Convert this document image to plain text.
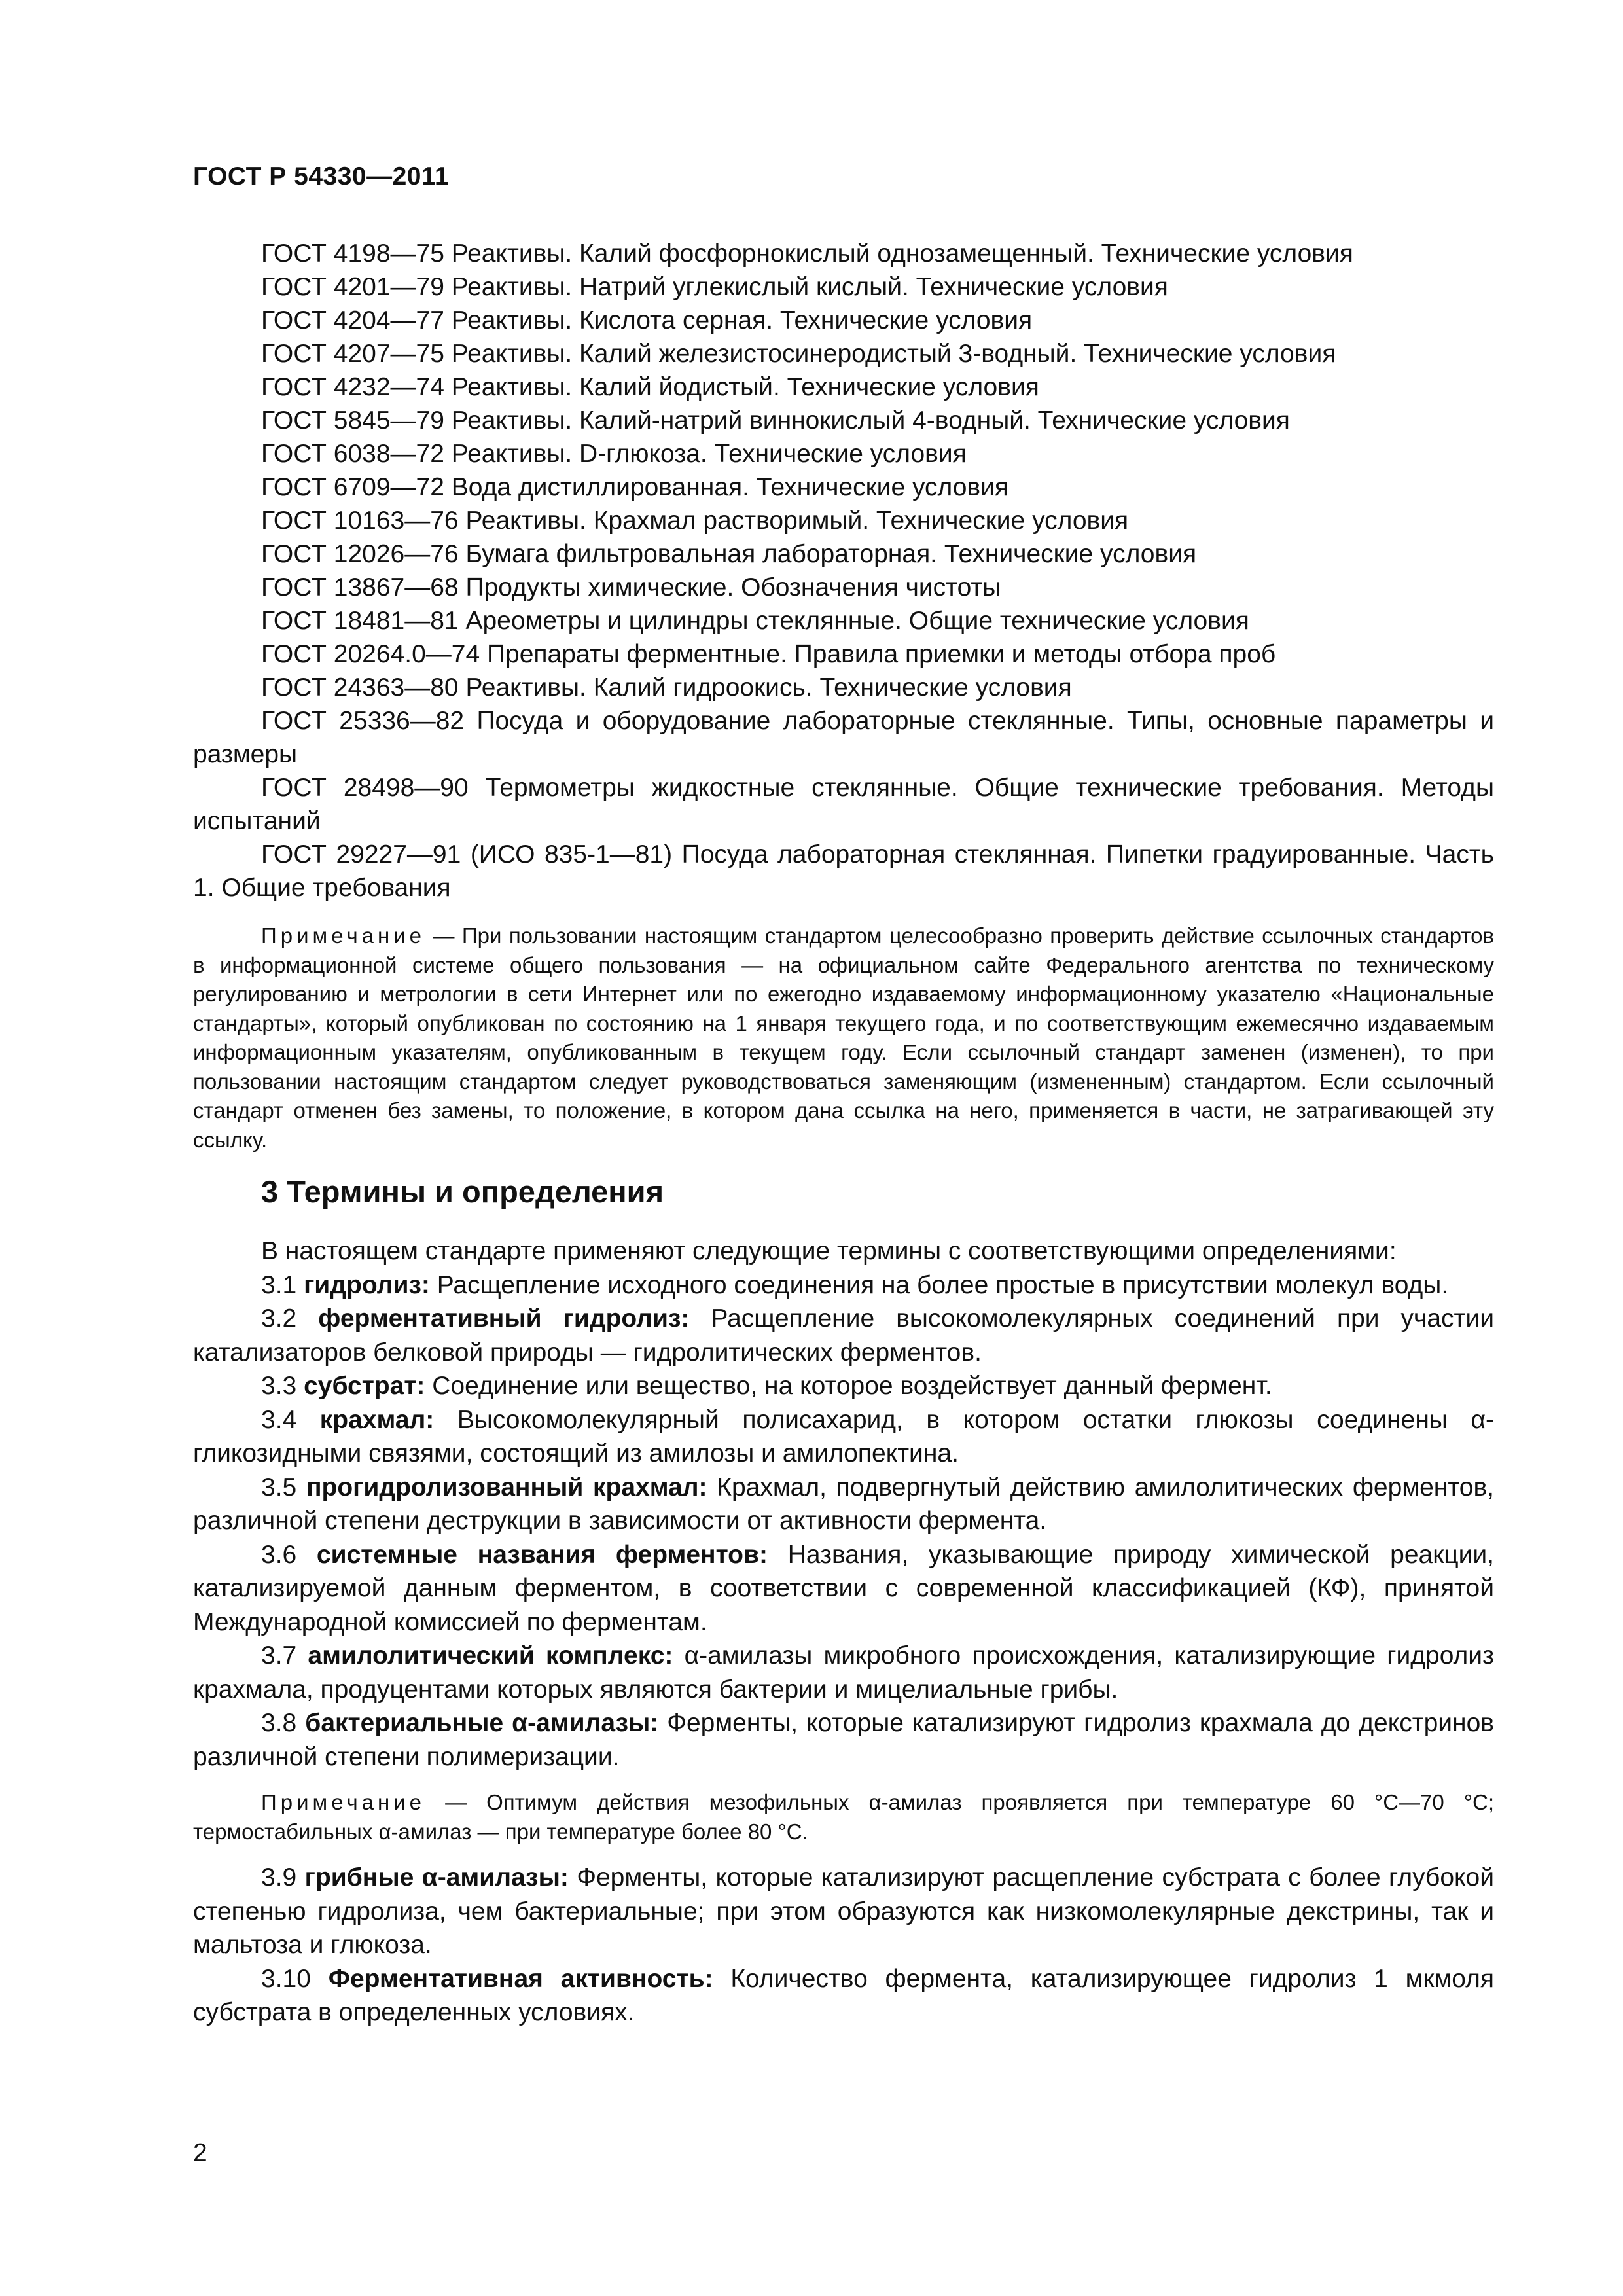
ГОСТ Р 54330—2011

ГОСТ 4198—75 Реактивы. Калий фосфорнокислый однозамещенный. Технические условия

ГОСТ 4201—79 Реактивы. Натрий углекислый кислый. Технические условия

ГОСТ 4204—77 Реактивы. Кислота серная. Технические условия

ГОСТ 4207—75 Реактивы. Калий железистосинеродистый 3-водный. Технические условия

ГОСТ 4232—74 Реактивы. Калий йодистый. Технические условия

ГОСТ 5845—79 Реактивы. Калий-натрий виннокислый 4-водный. Технические условия

ГОСТ 6038—72 Реактивы. D-глюкоза. Технические условия

ГОСТ 6709—72 Вода дистиллированная. Технические условия

ГОСТ 10163—76 Реактивы. Крахмал растворимый. Технические условия

ГОСТ 12026—76 Бумага фильтровальная лабораторная. Технические условия

ГОСТ 13867—68 Продукты химические. Обозначения чистоты

ГОСТ 18481—81 Ареометры и цилиндры стеклянные. Общие технические условия

ГОСТ 20264.0—74 Препараты ферментные. Правила приемки и методы отбора проб

ГОСТ 24363—80 Реактивы. Калий гидроокись. Технические условия

ГОСТ 25336—82 Посуда и оборудование лабораторные стеклянные. Типы, основные параметры и размеры

ГОСТ 28498—90 Термометры жидкостные стеклянные. Общие технические требования. Методы испытаний

ГОСТ 29227—91 (ИСО 835-1—81) Посуда лабораторная стеклянная. Пипетки градуированные. Часть 1. Общие требования

Примечание — При пользовании настоящим стандартом целесообразно проверить действие ссылочных стандартов в информационной системе общего пользования — на официальном сайте Федерального агентства по техническому регулированию и метрологии в сети Интернет или по ежегодно издаваемому информационному указателю «Национальные стандарты», который опубликован по состоянию на 1 января текущего года, и по соответствующим ежемесячно издаваемым информационным указателям, опубликованным в текущем году. Если ссылочный стандарт заменен (изменен), то при пользовании настоящим стандартом следует руководствоваться заменяющим (измененным) стандартом. Если ссылочный стандарт отменен без замены, то положение, в котором дана ссылка на него, применяется в части, не затрагивающей эту ссылку.
3 Термины и определения

В настоящем стандарте применяют следующие термины с соответствующими определениями:

3.1 гидролиз: Расщепление исходного соединения на более простые в присутствии молекул воды.

3.2 ферментативный гидролиз: Расщепление высокомолекулярных соединений при участии катализаторов белковой природы — гидролитических ферментов.

3.3 субстрат: Соединение или вещество, на которое воздействует данный фермент.

3.4 крахмал: Высокомолекулярный полисахарид, в котором остатки глюкозы соединены α-гликозидными связями, состоящий из амилозы и амилопектина.

3.5 прогидролизованный крахмал: Крахмал, подвергнутый действию амилолитических ферментов, различной степени деструкции в зависимости от активности фермента.

3.6 системные названия ферментов: Названия, указывающие природу химической реакции, катализируемой данным ферментом, в соответствии с современной классификацией (КФ), принятой Международной комиссией по ферментам.

3.7 амилолитический комплекс: α-амилазы микробного происхождения, катализирующие гидролиз крахмала, продуцентами которых являются бактерии и мицелиальные грибы.

3.8 бактериальные α-амилазы: Ферменты, которые катализируют гидролиз крахмала до декстринов различной степени полимеризации.

Примечание — Оптимум действия мезофильных α-амилаз проявляется при температуре 60 °С—70 °С; термостабильных α-амилаз — при температуре более 80 °С.

3.9 грибные α-амилазы: Ферменты, которые катализируют расщепление субстрата с более глубокой степенью гидролиза, чем бактериальные; при этом образуются как низкомолекулярные декстрины, так и мальтоза и глюкоза.

3.10 Ферментативная активность: Количество фермента, катализирующее гидролиз 1 мкмоля субстрата в определенных условиях.

2
